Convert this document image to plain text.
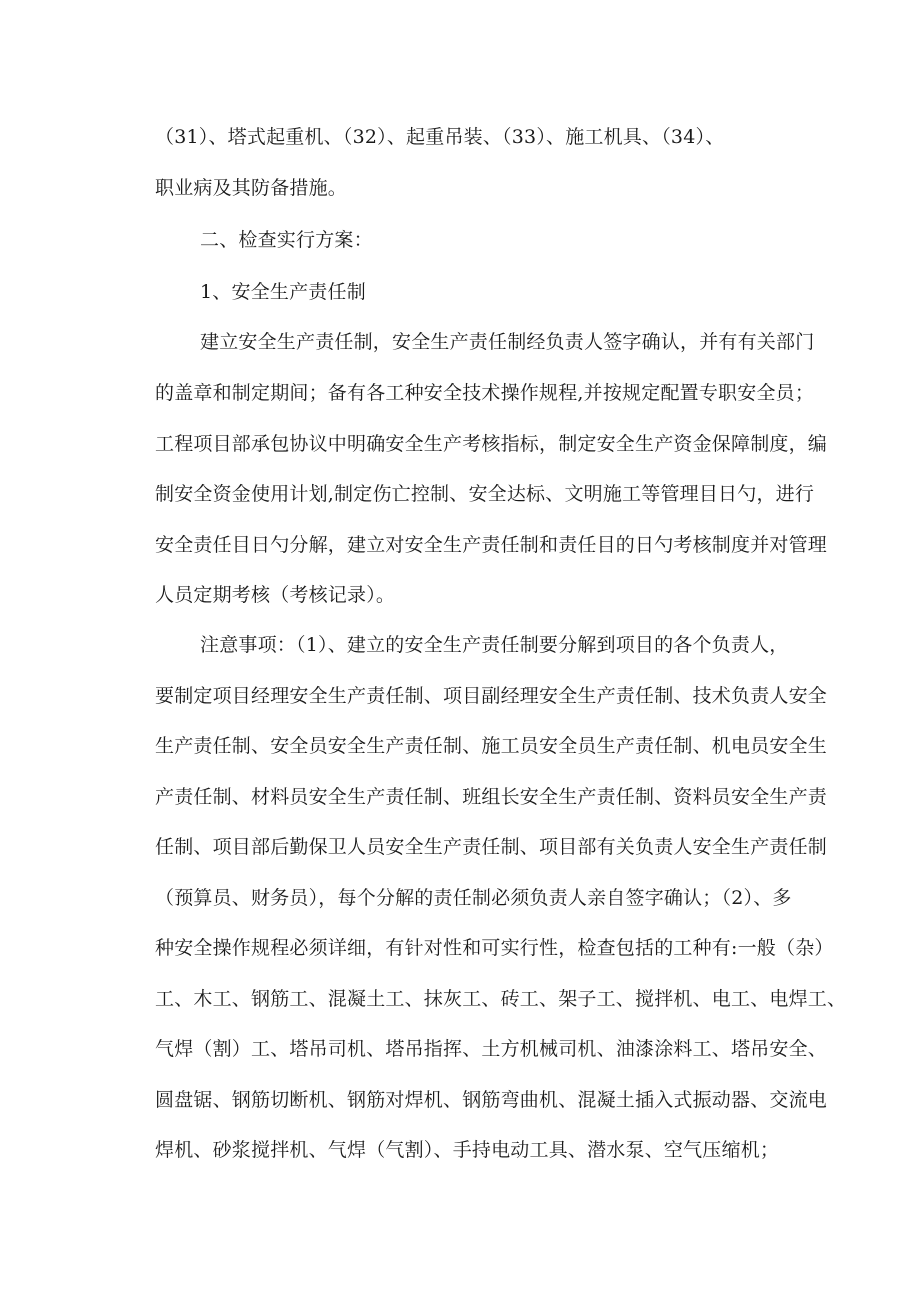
（31）、塔式起重机、（32）、起重吊装、（33）、施工机具、（34）、
职业病及其防备措施。
二、检查实行方案：
1、安全生产责任制
建立安全生产责任制，安全生产责任制经负责人签字确认，并有有关部门
的盖章和制定期间；备有各工种安全技术操作规程,并按规定配置专职安全员；
工程项目部承包协议中明确安全生产考核指标，制定安全生产资金保障制度，编
制安全资金使用计划,制定伤亡控制、安全达标、文明施工等管理目日勺，进行
安全责任目日勺分解，建立对安全生产责任制和责任目的日勺考核制度并对管理
人员定期考核（考核记录）。
注意事项：（1）、建立的安全生产责任制要分解到项目的各个负责人，
要制定项目经理安全生产责任制、项目副经理安全生产责任制、技术负责人安全
生产责任制、安全员安全生产责任制、施工员安全员生产责任制、机电员安全生
产责任制、材料员安全生产责任制、班组长安全生产责任制、资料员安全生产责
任制、项目部后勤保卫人员安全生产责任制、项目部有关负责人安全生产责任制
（预算员、财务员），每个分解的责任制必须负责人亲自签字确认；（2）、多
种安全操作规程必须详细，有针对性和可实行性，检查包括的工种有:一般（杂）
工、木工、钢筋工、混凝土工、抹灰工、砖工、架子工、搅拌机、电工、电焊工、
气焊（割）工、塔吊司机、塔吊指挥、土方机械司机、油漆涂料工、塔吊安全、
圆盘锯、钢筋切断机、钢筋对焊机、钢筋弯曲机、混凝土插入式振动器、交流电
焊机、砂浆搅拌机、气焊（气割）、手持电动工具、潜水泵、空气压缩机；
